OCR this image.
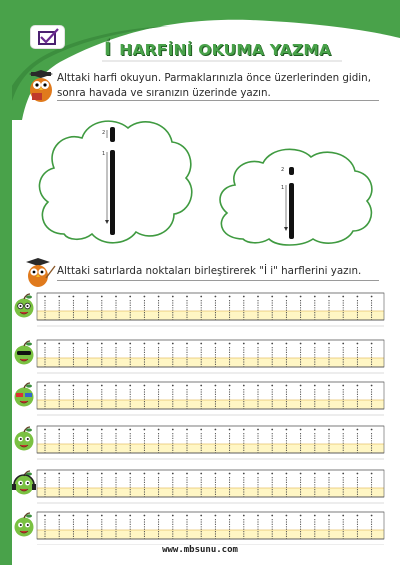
İ HARFİNİ OKUMA YAZMA
Alttaki harfi okuyun. Parmaklarınızla önce üzerlerinden gidin, sonra havada ve sıranızın üzerinde yazın.
2
1
2
1
Alttaki satırlarda noktaları birleştirerek "İ i" harflerini yazın.
www.mbsunu.com
